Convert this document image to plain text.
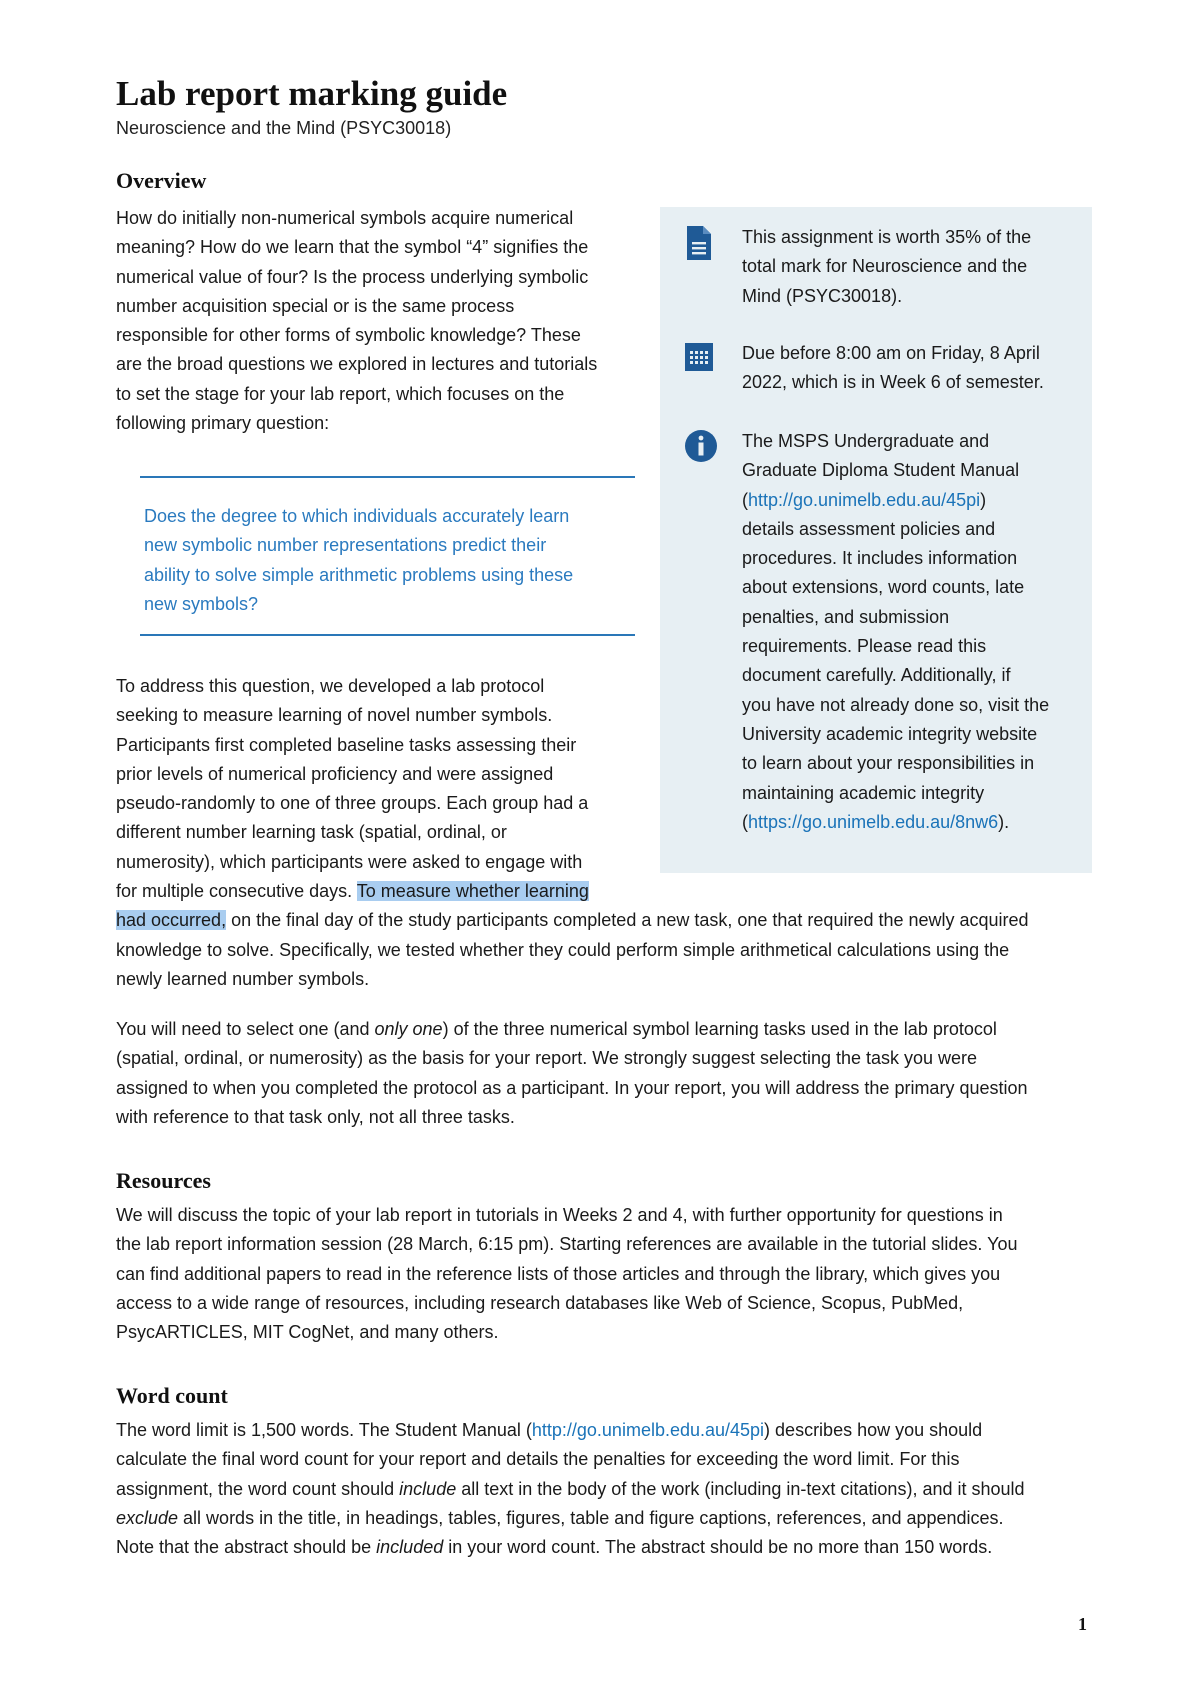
Lab report marking guide
Neuroscience and the Mind (PSYC30018)
Overview
How do initially non-numerical symbols acquire numerical
meaning? How do we learn that the symbol “4” signifies the
numerical value of four? Is the process underlying symbolic
number acquisition special or is the same process
responsible for other forms of symbolic knowledge? These
are the broad questions we explored in lectures and tutorials
to set the stage for your lab report, which focuses on the
following primary question:
Does the degree to which individuals accurately learn
new symbolic number representations predict their
ability to solve simple arithmetic problems using these
new symbols?
To address this question, we developed a lab protocol
seeking to measure learning of novel number symbols.
Participants first completed baseline tasks assessing their
prior levels of numerical proficiency and were assigned
pseudo-randomly to one of three groups. Each group had a
different number learning task (spatial, ordinal, or
numerosity), which participants were asked to engage with
for multiple consecutive days. To measure whether learning
had occurred, on the final day of the study participants completed a new task, one that required the newly acquired
knowledge to solve. Specifically, we tested whether they could perform simple arithmetical calculations using the
newly learned number symbols.
You will need to select one (and only one) of the three numerical symbol learning tasks used in the lab protocol
(spatial, ordinal, or numerosity) as the basis for your report. We strongly suggest selecting the task you were
assigned to when you completed the protocol as a participant. In your report, you will address the primary question
with reference to that task only, not all three tasks.
This assignment is worth 35% of the
total mark for Neuroscience and the
Mind (PSYC30018).
Due before 8:00 am on Friday, 8 April
2022, which is in Week 6 of semester.
The MSPS Undergraduate and
Graduate Diploma Student Manual
(http://go.unimelb.edu.au/45pi)
details assessment policies and
procedures. It includes information
about extensions, word counts, late
penalties, and submission
requirements. Please read this
document carefully. Additionally, if
you have not already done so, visit the
University academic integrity website
to learn about your responsibilities in
maintaining academic integrity
(https://go.unimelb.edu.au/8nw6).
Resources
We will discuss the topic of your lab report in tutorials in Weeks 2 and 4, with further opportunity for questions in
the lab report information session (28 March, 6:15 pm). Starting references are available in the tutorial slides. You
can find additional papers to read in the reference lists of those articles and through the library, which gives you
access to a wide range of resources, including research databases like Web of Science, Scopus, PubMed,
PsycARTICLES, MIT CogNet, and many others.
Word count
The word limit is 1,500 words. The Student Manual (http://go.unimelb.edu.au/45pi) describes how you should
calculate the final word count for your report and details the penalties for exceeding the word limit. For this
assignment, the word count should include all text in the body of the work (including in-text citations), and it should
exclude all words in the title, in headings, tables, figures, table and figure captions, references, and appendices.
Note that the abstract should be included in your word count. The abstract should be no more than 150 words.
1
